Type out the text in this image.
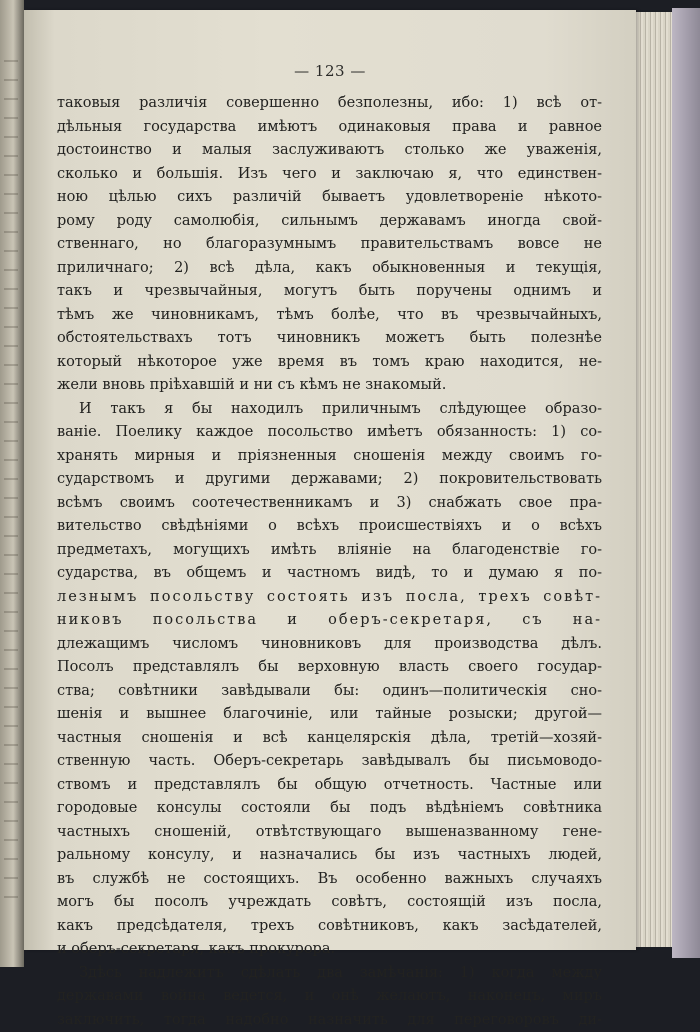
— 123 —
таковыя различія совершенно безполезны, ибо: 1) всѣ от-
дѣльныя государства имѣютъ одинаковыя права и равное
достоинство и малыя заслуживаютъ столько же уваженія,
сколько и большія. Изъ чего и заключаю я, что единствен-
ною цѣлью сихъ различій бываетъ удовлетвореніе нѣкото-
рому роду самолюбія, сильнымъ державамъ иногда свой-
ственнаго, но благоразумнымъ правительствамъ вовсе не
приличнаго; 2) всѣ дѣла, какъ обыкновенныя и текущія,
такъ и чрезвычайныя, могутъ быть поручены однимъ и
тѣмъ же чиновникамъ, тѣмъ болѣе, что въ чрезвычайныхъ,
обстоятельствахъ тотъ чиновникъ можетъ быть полезнѣе
который нѣкоторое уже время въ томъ краю находится, не-
жели вновь пріѣхавшій и ни съ кѣмъ не знакомый.
И такъ я бы находилъ приличнымъ слѣдующее образо-
ваніе. Поелику каждое посольство имѣетъ обязанность: 1) со-
хранять мирныя и пріязненныя сношенія между своимъ го-
сударствомъ и другими державами; 2) покровительствовать
всѣмъ своимъ соотечественникамъ и 3) снабжать свое пра-
вительство свѣдѣніями о всѣхъ происшествіяхъ и о всѣхъ
предметахъ, могущихъ имѣть вліяніе на благоденствіе го-
сударства, въ общемъ и частномъ видѣ, то и думаю я по-
лезнымъ посольству состоять изъ посла, трехъ совѣт-
никовъ посольства и оберъ-секретаря, съ на-
длежащимъ числомъ чиновниковъ для производства дѣлъ.
Посолъ представлялъ бы верховную власть своего государ-
ства; совѣтники завѣдывали бы: одинъ—политическія сно-
шенія и вышнее благочиніе, или тайные розыски; другой—
частныя сношенія и всѣ канцелярскія дѣла, третій—хозяй-
ственную часть. Оберъ-секретарь завѣдывалъ бы письмоводо-
ствомъ и представлялъ бы общую отчетность. Частные или
городовые консулы состояли бы подъ вѣдѣніемъ совѣтника
частныхъ сношеній, отвѣтствующаго вышеназванному гене-
ральному консулу, и назначались бы изъ частныхъ людей,
въ службѣ не состоящихъ. Въ особенно важныхъ случаяхъ
могъ бы посолъ учреждать совѣтъ, состоящій изъ посла,
какъ предсѣдателя, трехъ совѣтниковъ, какъ засѣдателей,
и оберъ-секретаря, какъ прокурора.
Здѣсь надлежитъ сдѣлать два замѣчанія: 1) когда между
державами война ведется, и онѣ желаютъ, наконецъ, миръ
заключить, тогда надобно назначить для переговоровъ ди-
